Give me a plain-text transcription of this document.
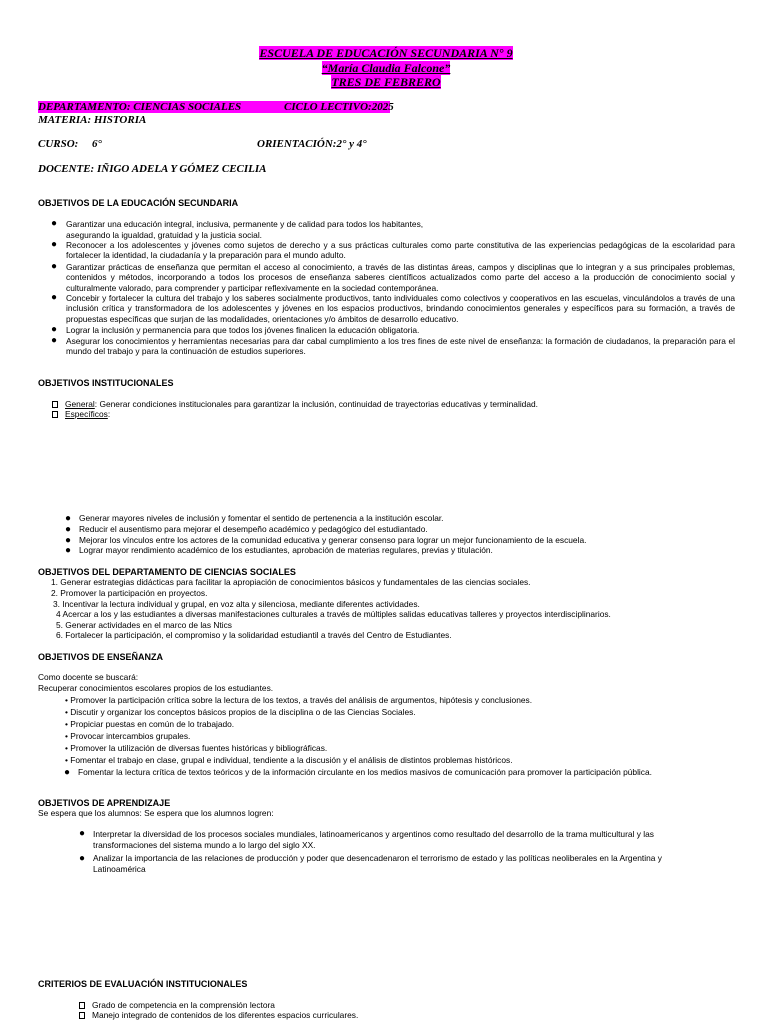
ESCUELA DE EDUCACIÓN SECUNDARIA N° 9
“María Claudia Falcone”
TRES DE FEBRERO
DEPARTAMENTO: CIENCIAS SOCIALES	CICLO LECTIVO:2025
MATERIA: HISTORIA
CURSO: 6°	ORIENTACIÓN:2° y 4°
DOCENTE: IÑIGO ADELA Y GÓMEZ CECILIA
OBJETIVOS DE LA EDUCACIÓN SECUNDARIA
● Garantizar una educación integral, inclusiva, permanente y de calidad para todos los habitantes,
asegurando la igualdad, gratuidad y la justicia social.
● Reconocer a los adolescentes y jóvenes como sujetos de derecho y a sus prácticas culturales como parte constitutiva de las experiencias pedagógicas de la escolaridad para fortalecer la identidad, la ciudadanía y la preparación para el mundo adulto.
● Garantizar prácticas de enseñanza que permitan el acceso al conocimiento, a través de las distintas áreas, campos y disciplinas que lo integran y a sus principales problemas, contenidos y métodos, incorporando a todos los procesos de enseñanza saberes científicos actualizados como parte del acceso a la producción de conocimiento social y culturalmente valorado, para comprender y participar reflexivamente en la sociedad contemporánea.
● Concebir y fortalecer la cultura del trabajo y los saberes socialmente productivos, tanto individuales como colectivos y cooperativos en las escuelas, vinculándolos a través de una inclusión crítica y transformadora de los adolescentes y jóvenes en los espacios productivos, brindando conocimientos generales y específicos para su formación, a través de propuestas específicas que surjan de las modalidades, orientaciones y/o ámbitos de desarrollo educativo.
● Lograr la inclusión y permanencia para que todos los jóvenes finalicen la educación obligatoria.
● Asegurar los conocimientos y herramientas necesarias para dar cabal cumplimiento a los tres fines de este nivel de enseñanza: la formación de ciudadanos, la preparación para el mundo del trabajo y para la continuación de estudios superiores.
OBJETIVOS INSTITUCIONALES
General: Generar condiciones institucionales para garantizar la inclusión, continuidad de trayectorias educativas y terminalidad.
Específicos:
● Generar mayores niveles de inclusión y fomentar el sentido de pertenencia a la institución escolar.
● Reducir el ausentismo para mejorar el desempeño académico y pedagógico del estudiantado.
● Mejorar los vínculos entre los actores de la comunidad educativa y generar consenso para lograr un mejor funcionamiento de la escuela.
● Lograr mayor rendimiento académico de los estudiantes, aprobación de materias regulares, previas y titulación.
OBJETIVOS DEL DEPARTAMENTO DE CIENCIAS SOCIALES
1. Generar estrategias didácticas para facilitar la apropiación de conocimientos básicos y fundamentales de las ciencias sociales.
2. Promover la participación en proyectos.
3. Incentivar la lectura individual y grupal, en voz alta y silenciosa, mediante diferentes actividades.
4 Acercar a los y las estudiantes a diversas manifestaciones culturales a través de múltiples salidas educativas talleres y proyectos interdisciplinarios.
5. Generar actividades en el marco de las Ntics
6. Fortalecer la participación, el compromiso y la solidaridad estudiantil a través del Centro de Estudiantes.
OBJETIVOS DE ENSEÑANZA
Como docente se buscará:
Recuperar conocimientos escolares propios de los estudiantes.
• Promover la participación crítica sobre la lectura de los textos, a través del análisis de argumentos, hipótesis y conclusiones.
• Discutir y organizar los conceptos básicos propios de la disciplina o de las Ciencias Sociales.
• Propiciar puestas en común de lo trabajado.
• Provocar intercambios grupales.
• Promover la utilización de diversas fuentes históricas y bibliográficas.
• Fomentar el trabajo en clase, grupal e individual, tendiente a la discusión y el análisis de distintos problemas históricos.
● Fomentar la lectura crítica de textos teóricos y de la información circulante en los medios masivos de comunicación para promover la participación pública.
OBJETIVOS DE APRENDIZAJE
Se espera que los alumnos: Se espera que los alumnos logren:
● Interpretar la diversidad de los procesos sociales mundiales, latinoamericanos y argentinos como resultado del desarrollo de la trama multicultural y las
transformaciones del sistema mundo a lo largo del siglo XX.
● Analizar la importancia de las relaciones de producción y poder que desencadenaron el terrorismo de estado y las políticas neoliberales en la Argentina y
Latinoamérica
CRITERIOS DE EVALUACIÓN INSTITUCIONALES
Grado de competencia en la comprensión lectora
Manejo integrado de contenidos de los diferentes espacios curriculares.
